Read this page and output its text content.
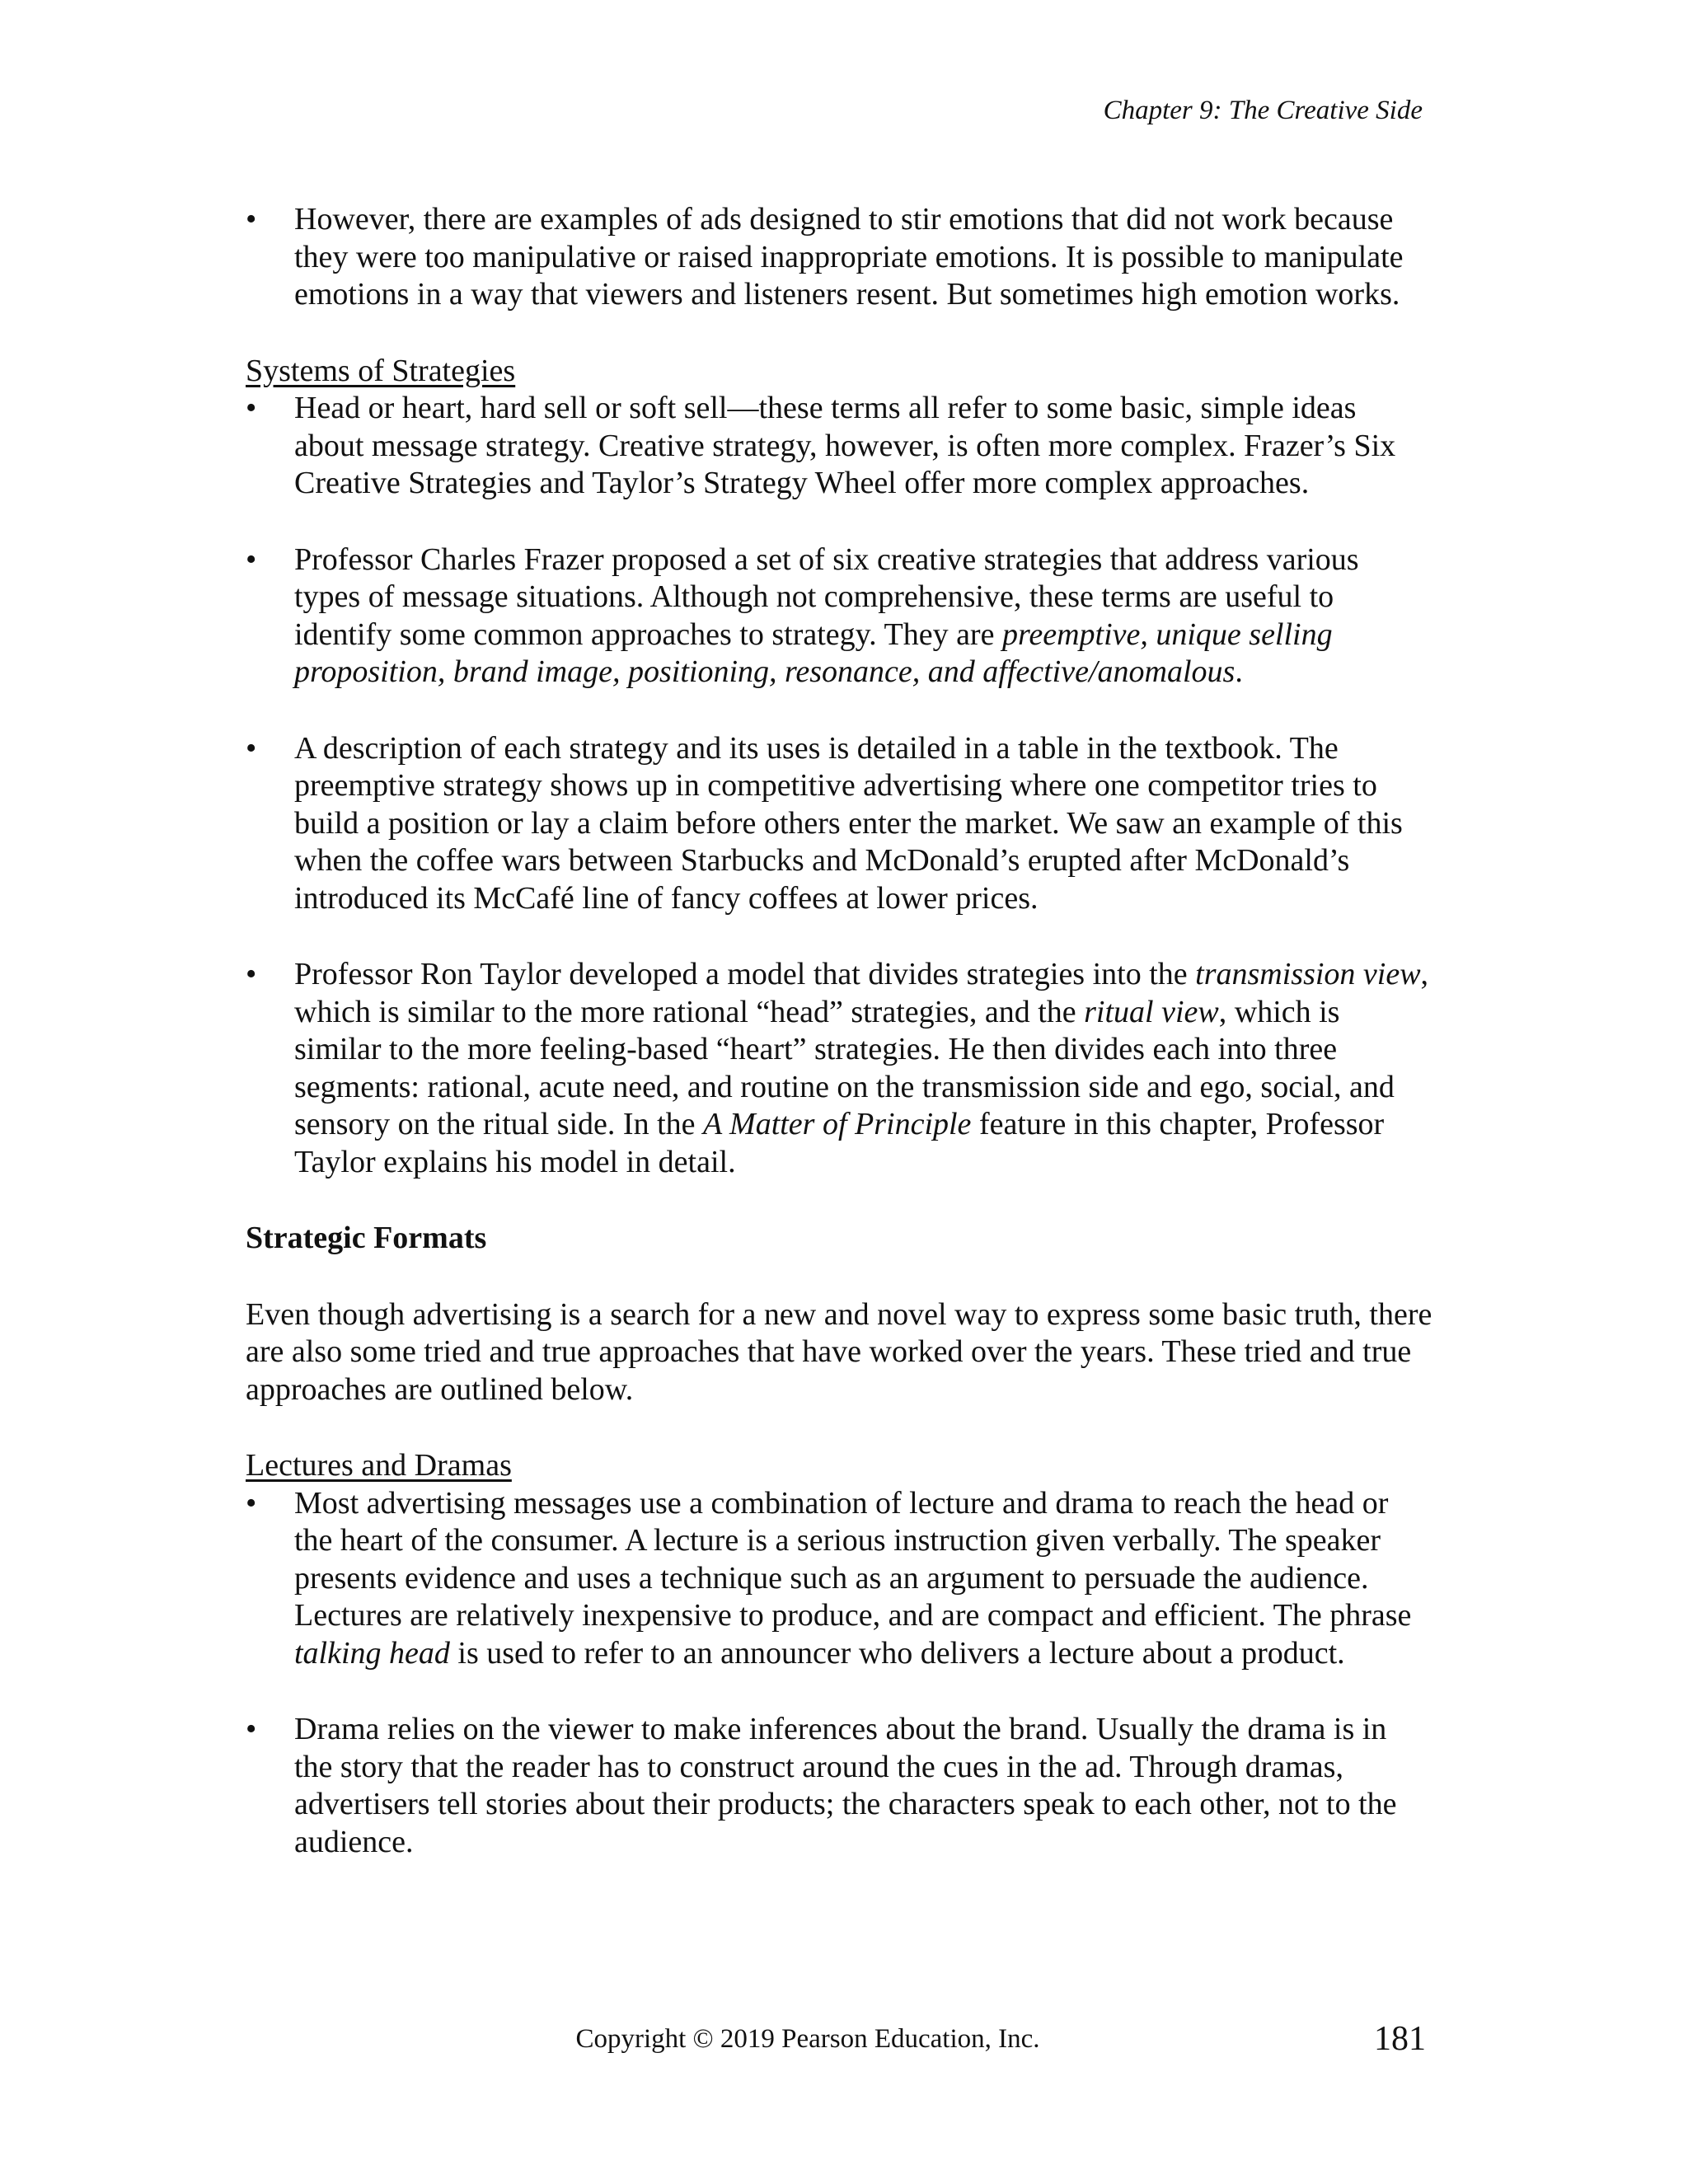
Chapter 9: The Creative Side

•	However, there are examples of ads designed to stir emotions that did not work because they were too manipulative or raised inappropriate emotions. It is possible to manipulate emotions in a way that viewers and listeners resent. But sometimes high emotion works.

Systems of Strategies

•	Head or heart, hard sell or soft sell—these terms all refer to some basic, simple ideas about message strategy. Creative strategy, however, is often more complex. Frazer’s Six Creative Strategies and Taylor’s Strategy Wheel offer more complex approaches.

•	Professor Charles Frazer proposed a set of six creative strategies that address various types of message situations. Although not comprehensive, these terms are useful to identify some common approaches to strategy. They are preemptive, unique selling proposition, brand image, positioning, resonance, and affective/anomalous.

•	A description of each strategy and its uses is detailed in a table in the textbook. The preemptive strategy shows up in competitive advertising where one competitor tries to build a position or lay a claim before others enter the market. We saw an example of this when the coffee wars between Starbucks and McDonald’s erupted after McDonald’s introduced its McCafé line of fancy coffees at lower prices.

•	Professor Ron Taylor developed a model that divides strategies into the transmission view, which is similar to the more rational “head” strategies, and the ritual view, which is similar to the more feeling-based “heart” strategies. He then divides each into three segments: rational, acute need, and routine on the transmission side and ego, social, and sensory on the ritual side. In the A Matter of Principle feature in this chapter, Professor Taylor explains his model in detail.

Strategic Formats

Even though advertising is a search for a new and novel way to express some basic truth, there are also some tried and true approaches that have worked over the years. These tried and true approaches are outlined below.

Lectures and Dramas

•	Most advertising messages use a combination of lecture and drama to reach the head or the heart of the consumer. A lecture is a serious instruction given verbally. The speaker presents evidence and uses a technique such as an argument to persuade the audience. Lectures are relatively inexpensive to produce, and are compact and efficient. The phrase talking head is used to refer to an announcer who delivers a lecture about a product.

•	Drama relies on the viewer to make inferences about the brand. Usually the drama is in the story that the reader has to construct around the cues in the ad. Through dramas, advertisers tell stories about their products; the characters speak to each other, not to the audience.

Copyright © 2019 Pearson Education, Inc.	181
